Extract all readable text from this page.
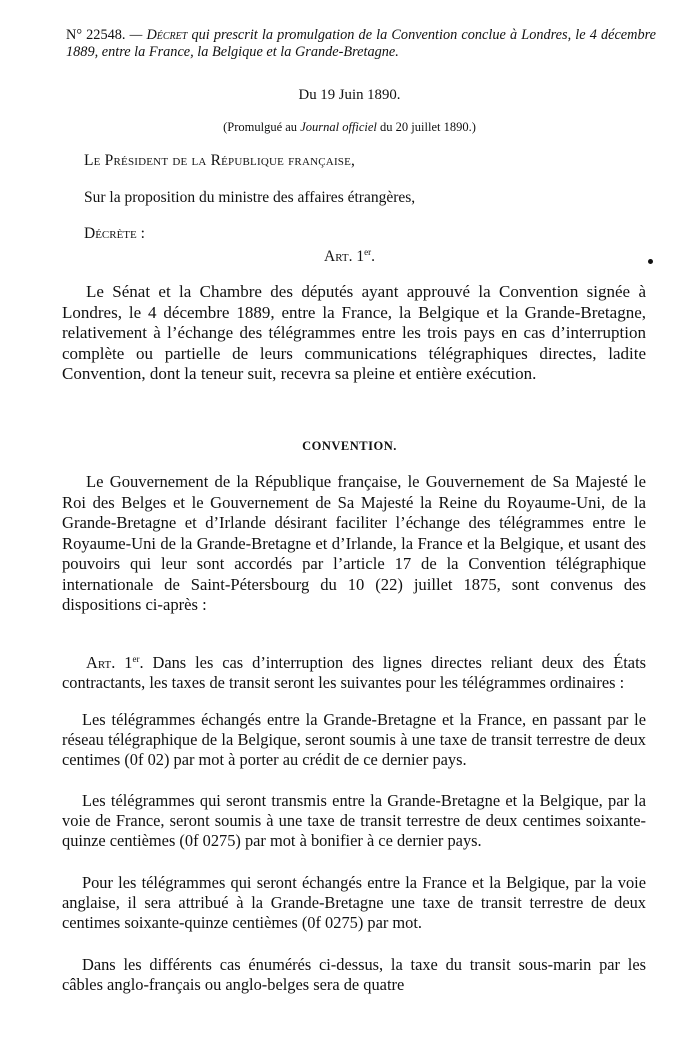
N° 22548. — Décret qui prescrit la promulgation de la Convention conclue à Londres, le 4 décembre 1889, entre la France, la Belgique et la Grande-Bretagne.
Du 19 Juin 1890.
(Promulgué au Journal officiel du 20 juillet 1890.)
Le Président de la République française,
Sur la proposition du ministre des affaires étrangères,
Décrète :
Art. 1er.
Le Sénat et la Chambre des députés ayant approuvé la Convention signée à Londres, le 4 décembre 1889, entre la France, la Belgique et la Grande-Bretagne, relativement à l’échange des télégrammes entre les trois pays en cas d’interruption complète ou partielle de leurs communications télégraphiques directes, ladite Convention, dont la teneur suit, recevra sa pleine et entière exécution.
CONVENTION.
Le Gouvernement de la République française, le Gouvernement de Sa Majesté le Roi des Belges et le Gouvernement de Sa Majesté la Reine du Royaume-Uni, de la Grande-Bretagne et d’Irlande désirant faciliter l’échange des télégrammes entre le Royaume-Uni de la Grande-Bretagne et d’Irlande, la France et la Belgique, et usant des pouvoirs qui leur sont accordés par l’article 17 de la Convention télégraphique internationale de Saint-Pétersbourg du 10 (22) juillet 1875, sont convenus des dispositions ci-après :
Art. 1er. Dans les cas d’interruption des lignes directes reliant deux des États contractants, les taxes de transit seront les suivantes pour les télégrammes ordinaires :
Les télégrammes échangés entre la Grande-Bretagne et la France, en passant par le réseau télégraphique de la Belgique, seront soumis à une taxe de transit terrestre de deux centimes (0f 02) par mot à porter au crédit de ce dernier pays.
Les télégrammes qui seront transmis entre la Grande-Bretagne et la Belgique, par la voie de France, seront soumis à une taxe de transit terrestre de deux centimes soixante-quinze centièmes (0f 0275) par mot à bonifier à ce dernier pays.
Pour les télégrammes qui seront échangés entre la France et la Belgique, par la voie anglaise, il sera attribué à la Grande-Bretagne une taxe de transit terrestre de deux centimes soixante-quinze centièmes (0f 0275) par mot.
Dans les différents cas énumérés ci-dessus, la taxe du transit sous-marin par les câbles anglo-français ou anglo-belges sera de quatre
